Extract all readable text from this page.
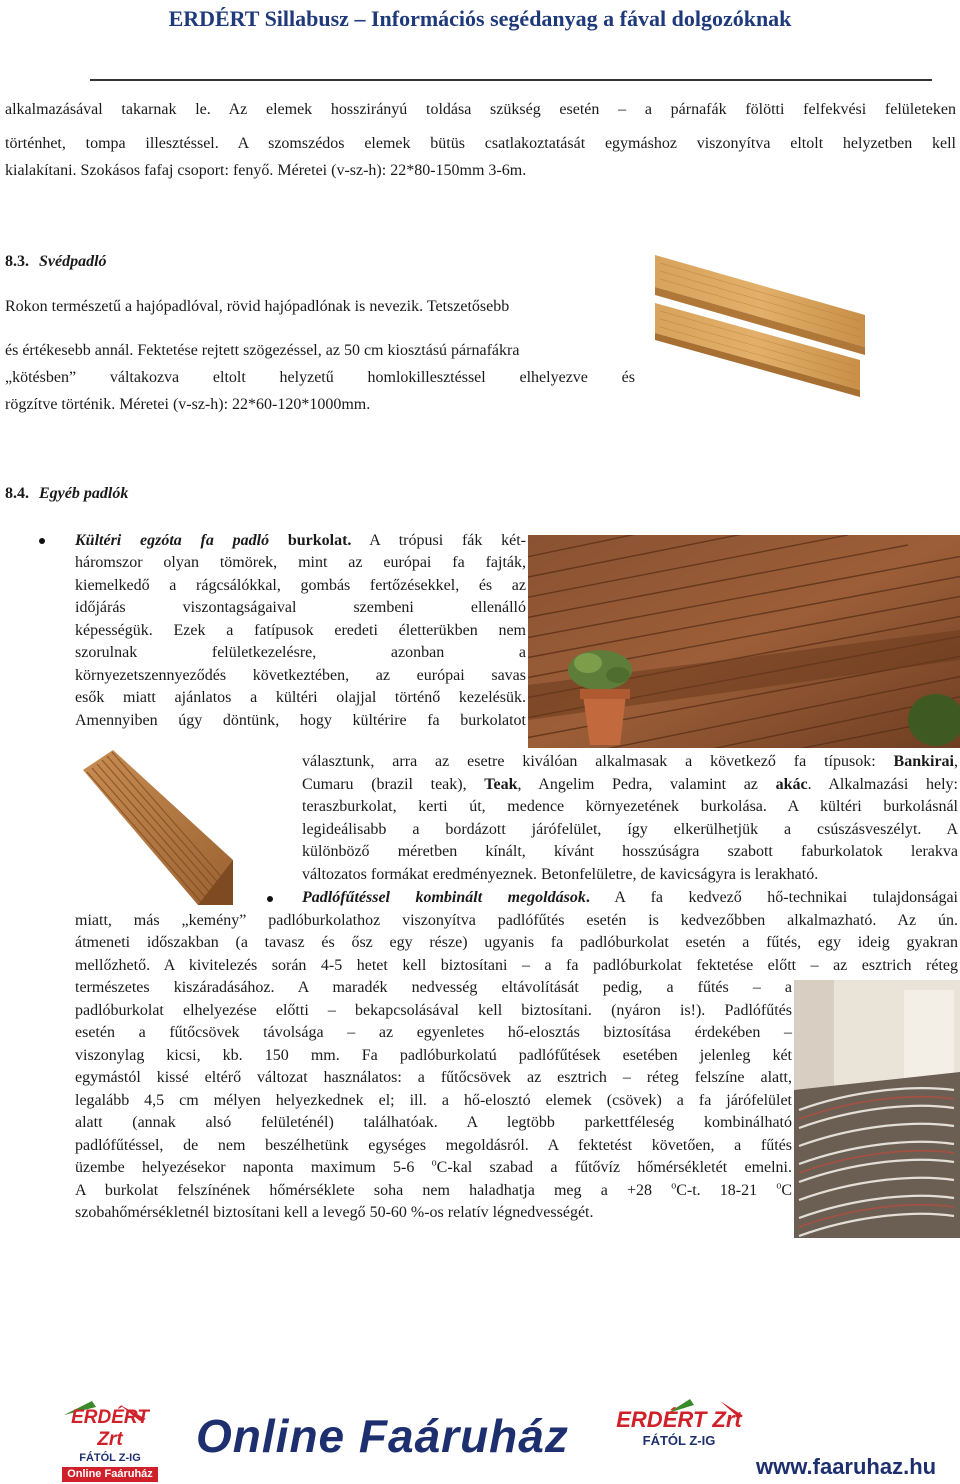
ERDÉRT Sillabusz – Információs segédanyag a fával dolgozóknak
alkalmazásával takarnak le. Az elemek hosszirányú toldása szükség esetén – a párnafák fölötti felfekvési felületeken
történhet, tompa illesztéssel. A szomszédos elemek bütüs csatlakoztatását egymáshoz viszonyítva eltolt helyzetben kell
kialakítani. Szokásos fafaj csoport: fenyő. Méretei (v-sz-h): 22*80-150mm 3-6m.
8.3. Svédpadló
Rokon természetű a hajópadlóval, rövid hajópadlónak is nevezik. Tetszetősebb
és értékesebb annál. Fektetése rejtett szögezéssel, az 50 cm kiosztású párnafákra
„kötésben” váltakozva eltolt helyzetű homlokillesztéssel elhelyezve és
rögzítve történik. Méretei (v-sz-h): 22*60-120*1000mm.
8.4. Egyéb padlók
Kültéri egzóta fa padló burkolat. A trópusi fák két-
háromszor olyan tömörek, mint az európai fa fajták,
kiemelkedő a rágcsálókkal, gombás fertőzésekkel, és az
időjárás viszontagságaival szembeni ellenálló
képességük. Ezek a fatípusok eredeti életterükben nem
szorulnak felületkezelésre, azonban a
környezetszennyeződés következtében, az európai savas
esők miatt ajánlatos a kültéri olajjal történő kezelésük.
Amennyiben úgy döntünk, hogy kültérire fa burkolatot
választunk, arra az esetre kiválóan alkalmasak a következő fa típusok: Bankirai,
Cumaru (brazil teak), Teak, Angelim Pedra, valamint az akác. Alkalmazási hely:
teraszburkolat, kerti út, medence környezetének burkolása. A kültéri burkolásnál
legideálisabb a bordázott járófelület, így elkerülhetjük a csúszásveszélyt. A
különböző méretben kínált, kívánt hosszúságra szabott faburkolatok lerakva
változatos formákat eredményeznek. Betonfelületre, de kavicságyra is lerakható.
Padlófűtéssel kombinált megoldások. A fa kedvező hő-technikai tulajdonságai
miatt, más „kemény” padlóburkolathoz viszonyítva padlófűtés esetén is kedvezőbben alkalmazható. Az ún.
átmeneti időszakban (a tavasz és ősz egy része) ugyanis fa padlóburkolat esetén a fűtés, egy ideig gyakran
mellőzhető. A kivitelezés során 4-5 hetet kell biztosítani – a fa padlóburkolat fektetése előtt – az esztrich réteg
természetes kiszáradásához. A maradék nedvesség eltávolítását pedig, a fűtés – a
padlóburkolat elhelyezése előtti – bekapcsolásával kell biztosítani. (nyáron is!). Padlófűtés
esetén a fűtőcsövek távolsága – az egyenletes hő-elosztás biztosítása érdekében –
viszonylag kicsi, kb. 150 mm. Fa padlóburkolatú padlófűtések esetében jelenleg két
egymástól kissé eltérő változat használatos: a fűtőcsövek az esztrich – réteg felszíne alatt,
legalább 4,5 cm mélyen helyezkednek el; ill. a hő-elosztó elemek (csövek) a fa járófelület
alatt (annak alsó felületénél) találhatóak. A legtöbb parkettféleség kombinálható
padlófűtéssel, de nem beszélhetünk egységes megoldásról. A fektetést követően, a fűtés
üzembe helyezésekor naponta maximum 5-6 $^o$C-kal szabad a fűtővíz hőmérsékletét emelni.
A burkolat felszínének hőmérséklete soha nem haladhatja meg a +28 $^o$C-t. 18-21 $^o$C
szobahőmérsékletnél biztosítani kell a levegő 50-60 %-os relatív légnedvességét.
ERDÉRT Zrt
FÁTÓL Z-IG
Online Faáruház
Online Faáruház ERDÉRT Zrt
FÁTÓL Z-IG
www.faaruhaz.hu
